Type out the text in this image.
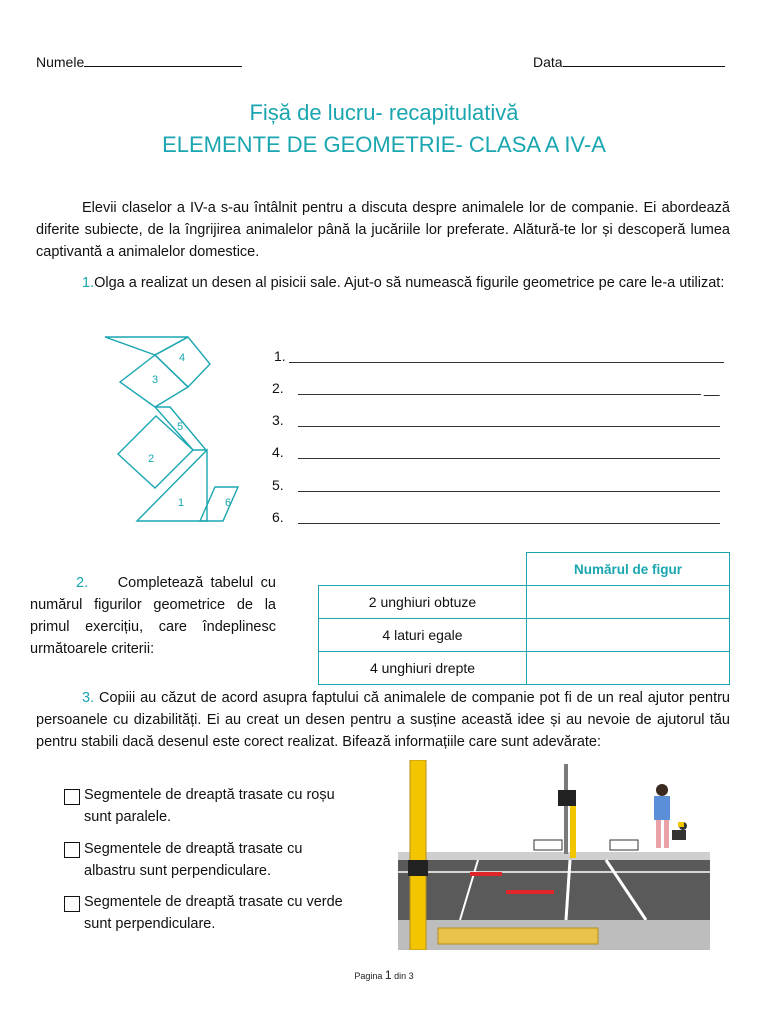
Numele	Data
Fișă de lucru- recapitulativă
ELEMENTE DE GEOMETRIE- CLASA A IV-A
Elevii claselor a IV-a s-au întâlnit pentru a discuta despre animalele lor de companie. Ei abordează diferite subiecte, de la îngrijirea animalelor până la jucăriile lor preferate. Alătură-te lor și descoperă lumea captivantă a animalelor domestice.
1.Olga a realizat un desen al pisicii sale. Ajut-o să numească figurile geometrice pe care le-a utilizat:
4
3
5
2
1	6
1.
2.	__
3.
4.
5.
6.
2. Completează tabelul cu numărul figurilor geometrice de la primul exercițiu, care îndeplinesc următoarele criterii:
	Numărul de figur
2 unghiuri obtuze	
4 laturi egale	
4 unghiuri drepte	
3. Copiii au căzut de acord asupra faptului că animalele de companie pot fi de un real ajutor pentru persoanele cu dizabilități. Ei au creat un desen pentru a susține această idee și au nevoie de ajutorul tău pentru stabili dacă desenul este corect realizat. Bifează informațiile care sunt adevărate:
Segmentele de dreaptă trasate cu roșu sunt paralele.
Segmentele de dreaptă trasate cu albastru sunt perpendiculare.
Segmentele de dreaptă trasate cu verde sunt perpendiculare.
Pagina 1 din 3
